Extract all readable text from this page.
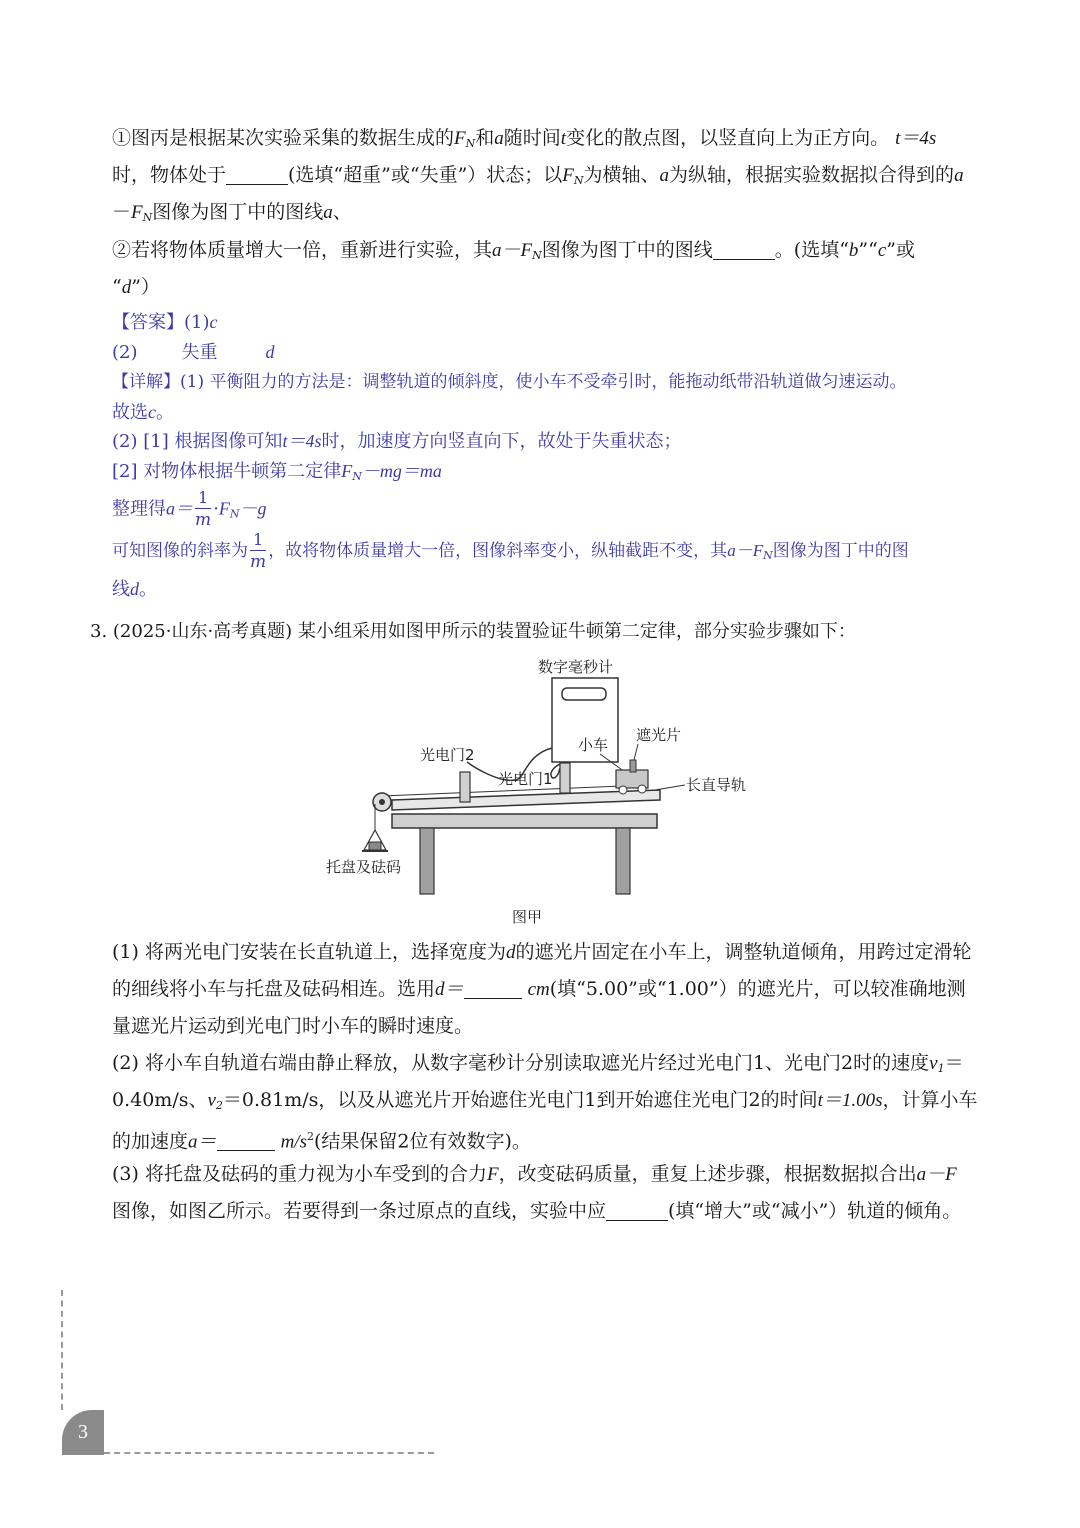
①图丙是根据某次实验采集的数据生成的$F_N$和a随时间t变化的散点图，以竖直向上为正方向。 t＝4s
时，物体处于	(选填“超重”或“失重”）状态；以$F_N$为横轴、a为纵轴，根据实验数据拟合得到的a
$-F_N$图像为图丁中的图线a、
②若将物体质量增大一倍，重新进行实验，其$a-F_N$图像为图丁中的图线	。(选填“b”“c”或
“d”）
【答案】(1)c
(2) 失重	d
【详解】(1) 平衡阻力的方法是：调整轨道的倾斜度，使小车不受牵引时，能拖动纸带沿轨道做匀速运动。
故选c。
(2) [1] 根据图像可知t＝4s时，加速度方向竖直向下，故处于失重状态；
[2] 对物体根据牛顿第二定律$F_N-mg=ma$
整理得$a= \frac{1}{m} \cdot F_N-g$
可知图像的斜率为 $\frac{1}{m}$ ，故将物体质量增大一倍，图像斜率变小，纵轴截距不变，其$a-F_N$图像为图丁中的图
线d。
3. (2025·山东·高考真题) 某小组采用如图甲所示的装置验证牛顿第二定律，部分实验步骤如下：
数字毫秒计
光电门2
光电门1
小车
遮光片
长直导轨
托盘及砝码
图甲
(1) 将两光电门安装在长直轨道上，选择宽度为d的遮光片固定在小车上，调整轨道倾角，用跨过定滑轮
的细线将小车与托盘及砝码相连。选用d＝	cm(填“5.00”或“1.00”）的遮光片，可以较准确地测
量遮光片运动到光电门时小车的瞬时速度。
(2) 将小车自轨道右端由静止释放，从数字毫秒计分别读取遮光片经过光电门1、光电门2时的速度$v_1=$
0.40m/s、$v_2=0.81m/s$，以及从遮光片开始遮住光电门1到开始遮住光电门2的时间t＝1.00s，计算小车
的加速度a＝	$m/s^2$(结果保留2位有效数字)。
(3) 将托盘及砝码的重力视为小车受到的合力F，改变砝码质量，重复上述步骤，根据数据拟合出a－F
图像，如图乙所示。若要得到一条过原点的直线，实验中应	(填“增大”或“减小”）轨道的倾角。
3
